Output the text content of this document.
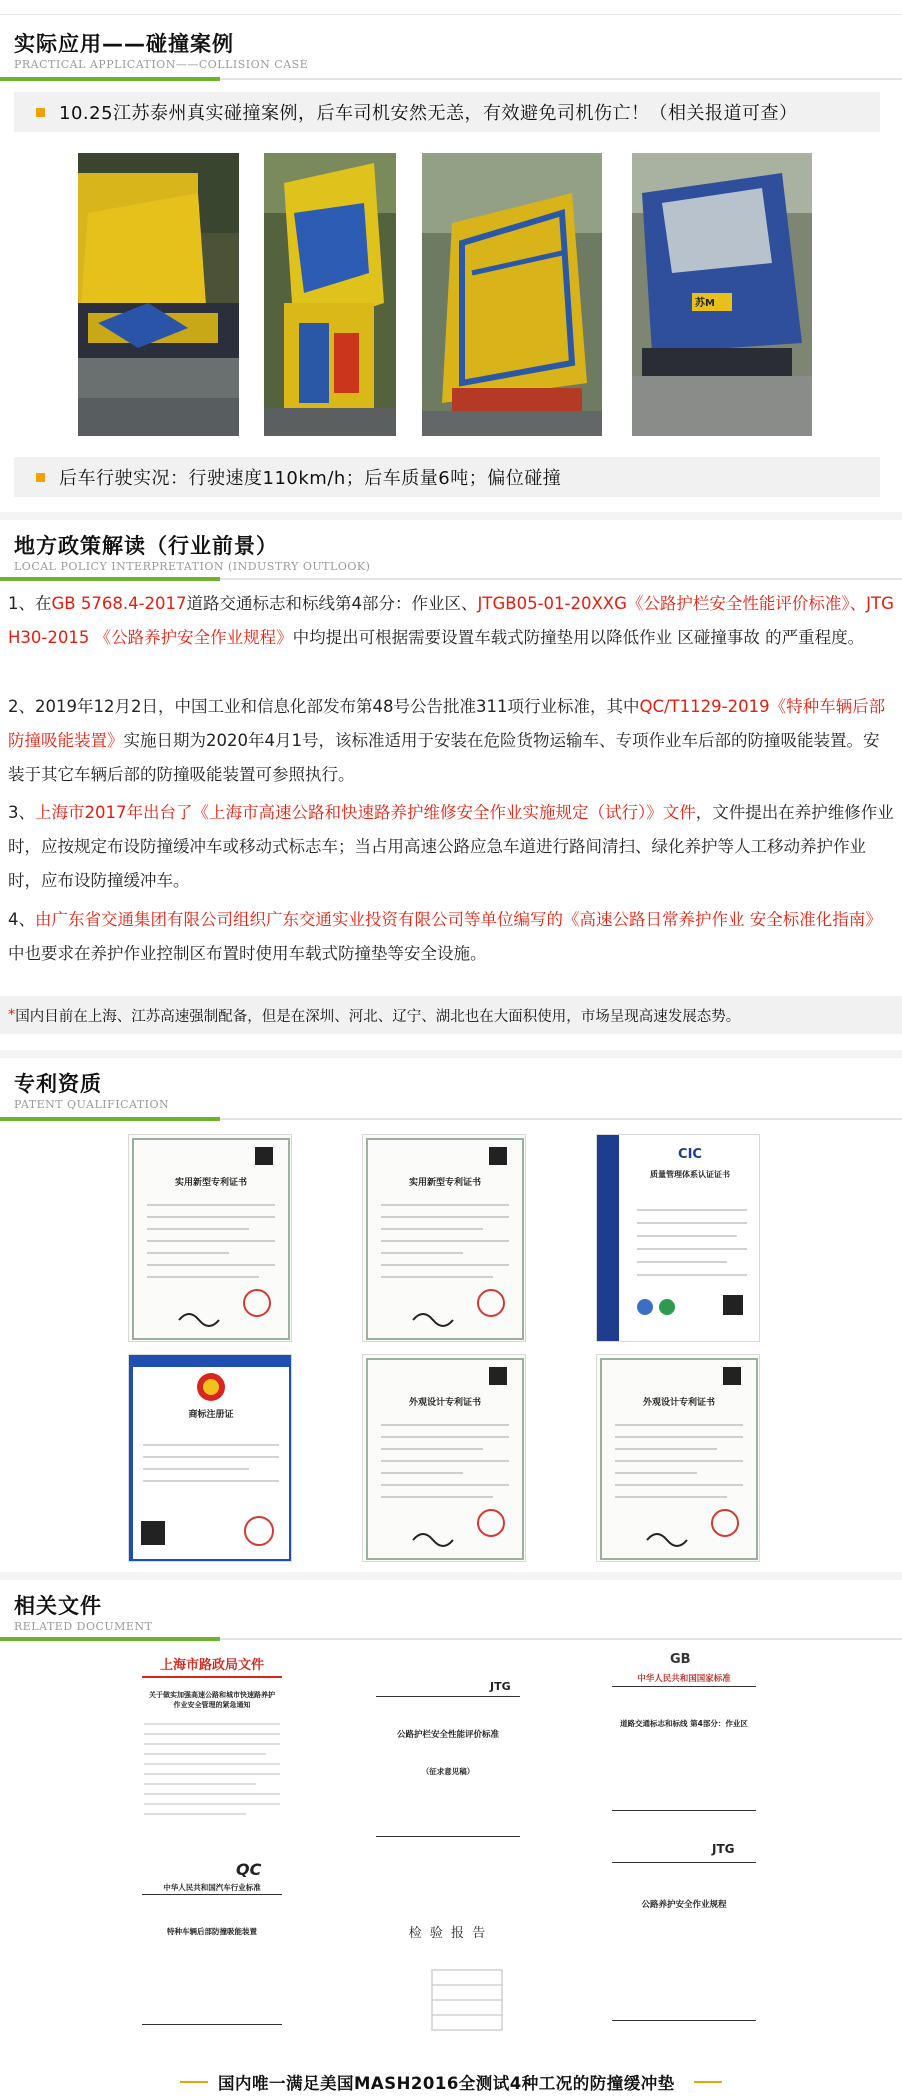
实际应用——碰撞案例
PRACTICAL APPLICATION——COLLISION CASE
10.25江苏泰州真实碰撞案例，后车司机安然无恙，有效避免司机伤亡！（相关报道可查）
苏M
后车行驶实况：行驶速度110km/h；后车质量6吨；偏位碰撞
地方政策解读（行业前景）
LOCAL POLICY INTERPRETATION (INDUSTRY OUTLOOK)
1、在GB 5768.4-2017道路交通标志和标线第4部分：作业区、JTGB05-01-20XXG《公路护栏安全性能评价标准》、JTG H30-2015 《公路养护安全作业规程》中均提出可根据需要设置车载式防撞垫用以降低作业 区碰撞事故 的严重程度。
2、2019年12月2日，中国工业和信息化部发布第48号公告批准311项行业标准，其中QC/T1129-2019《特种车辆后部防撞吸能装置》实施日期为2020年4月1号，该标准适用于安装在危险货物运输车、专项作业车后部的防撞吸能装置。安装于其它车辆后部的防撞吸能装置可参照执行。
3、上海市2017年出台了《上海市高速公路和快速路养护维修安全作业实施规定（试行）》文件，文件提出在养护维修作业时，应按规定布设防撞缓冲车或移动式标志车；当占用高速公路应急车道进行路间清扫、绿化养护等人工移动养护作业时，应布设防撞缓冲车。
4、由广东省交通集团有限公司组织广东交通实业投资有限公司等单位编写的《高速公路日常养护作业 安全标准化指南》中也要求在养护作业控制区布置时使用车载式防撞垫等安全设施。
* 国内目前在上海、江苏高速强制配备，但是在深圳、河北、辽宁、湖北也在大面积使用，市场呈现高速发展态势。
专利资质
PATENT QUALIFICATION
实用新型专利证书	实用新型专利证书
CIC
质量管理体系认证证书
商标注册证
外观设计专利证书	外观设计专利证书
相关文件
RELATED DOCUMENT
上海市路政局文件
关于做实加强高速公路和城市快速路养护作业安全管理的紧急通知
QC
中华人民共和国汽车行业标准
特种车辆后部防撞吸能装置
JTG
公路护栏安全性能评价标准
（征求意见稿）
检 验 报 告
GB
中华人民共和国国家标准
道路交通标志和标线 第4部分：作业区
JTG
公路养护安全作业规程
国内唯一满足美国MASH2016全测试4种工况的防撞缓冲垫
